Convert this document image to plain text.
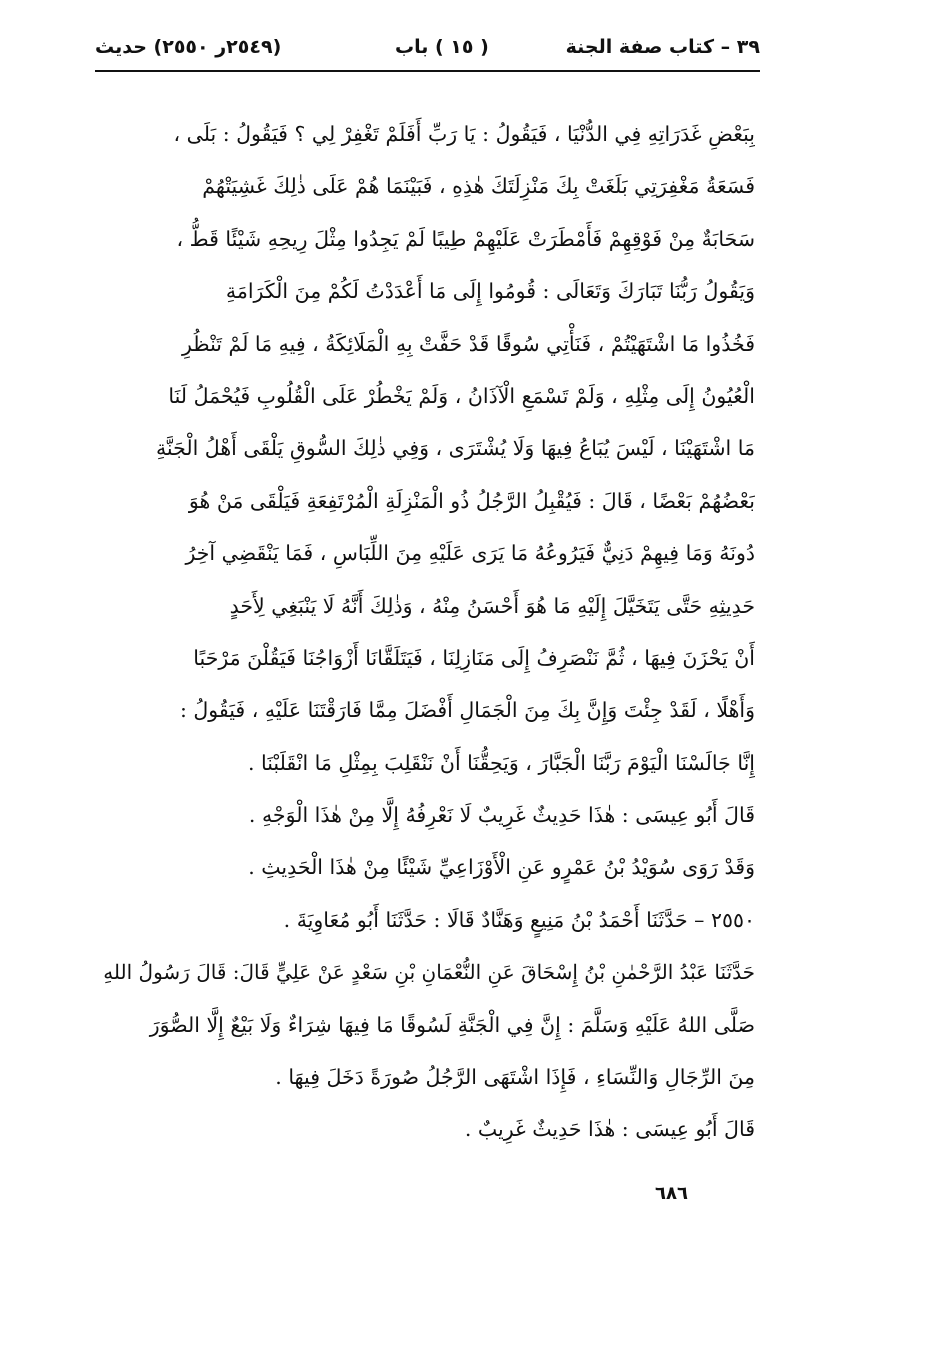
٣٩ – كتاب صفة الجنة
( ١٥ ) باب
(٢٥٤٩ر ٢٥٥٠) حديث
بِبَعْضِ غَدَرَاتِهِ فِي الدُّنْيَا ، فَيَقُولُ : يَا رَبِّ أَفَلَمْ تَغْفِرْ لِي ؟ فَيَقُولُ : بَلَى ،
فَسَعَةُ مَغْفِرَتِي بَلَغَتْ بِكَ مَنْزِلَتَكَ هٰذِهِ ، فَبَيْنَمَا هُمْ عَلَى ذٰلِكَ غَشِيَتْهُمْ
سَحَابَةٌ مِنْ فَوْقِهِمْ فَأَمْطَرَتْ عَلَيْهِمْ طِيبًا لَمْ يَجِدُوا مِثْلَ رِيحِهِ شَيْئًا قَطُّ ،
وَيَقُولُ رَبُّنَا تَبَارَكَ وَتَعَالَى : قُومُوا إِلَى مَا أَعْدَدْتُ لَكُمْ مِنَ الْكَرَامَةِ
فَخُذُوا مَا اشْتَهَيْتُمْ ، فَنَأْتِي سُوقًا قَدْ حَفَّتْ بِهِ الْمَلَائِكَةُ ، فِيهِ مَا لَمْ تَنْظُرِ
الْعُيُونُ إِلَى مِثْلِهِ ، وَلَمْ تَسْمَعِ الْآذَانُ ، وَلَمْ يَخْطُرْ عَلَى الْقُلُوبِ فَيُحْمَلُ لَنَا
مَا اشْتَهَيْنَا ، لَيْسَ يُبَاعُ فِيهَا وَلَا يُشْتَرَى ، وَفِي ذٰلِكَ السُّوقِ يَلْقَى أَهْلُ الْجَنَّةِ
بَعْضُهُمْ بَعْضًا ، قَالَ : فَيُقْبِلُ الرَّجُلُ ذُو الْمَنْزِلَةِ الْمُرْتَفِعَةِ فَيَلْقَى مَنْ هُوَ
دُونَهُ وَمَا فِيهِمْ دَنِيٌّ فَيَرُوعُهُ مَا يَرَى عَلَيْهِ مِنَ اللِّبَاسِ ، فَمَا يَنْقَضِي آخِرُ
حَدِيثِهِ حَتَّى يَتَخَيَّلَ إِلَيْهِ مَا هُوَ أَحْسَنُ مِنْهُ ، وَذٰلِكَ أَنَّهُ لَا يَنْبَغِي لِأَحَدٍ
أَنْ يَحْزَنَ فِيهَا ، ثُمَّ نَنْصَرِفُ إِلَى مَنَازِلِنَا ، فَيَتَلَقَّانَا أَزْوَاجُنَا فَيَقُلْنَ مَرْحَبًا
وَأَهْلًا ، لَقَدْ جِئْتَ وَإِنَّ بِكَ مِنَ الْجَمَالِ أَفْضَلَ مِمَّا فَارَقْتَنَا عَلَيْهِ ، فَيَقُولُ :
إِنَّا جَالَسْنَا الْيَوْمَ رَبَّنَا الْجَبَّارَ ، وَيَحِقُّنَا أَنْ نَنْقَلِبَ بِمِثْلِ مَا انْقَلَبْنَا .
قَالَ أَبُو عِيسَى : هٰذَا حَدِيثٌ غَرِيبٌ لَا نَعْرِفُهُ إِلَّا مِنْ هٰذَا الْوَجْهِ .
وَقَدْ رَوَى سُوَيْدُ بْنُ عَمْرٍو عَنِ الْأَوْزَاعِيِّ شَيْئًا مِنْ هٰذَا الْحَدِيثِ .
٢٥٥٠ – حَدَّثَنَا أَحْمَدُ بْنُ مَنِيعٍ وَهَنَّادٌ قَالَا : حَدَّثَنَا أَبُو مُعَاوِيَةَ .
حَدَّثَنَا عَبْدُ الرَّحْمٰنِ بْنُ إِسْحَاقَ عَنِ النُّعْمَانِ بْنِ سَعْدٍ عَنْ عَلِيٍّ قَالَ: قَالَ رَسُولُ اللهِ
صَلَّى اللهُ عَلَيْهِ وَسَلَّمَ : إِنَّ فِي الْجَنَّةِ لَسُوقًا مَا فِيهَا شِرَاءٌ وَلَا بَيْعٌ إِلَّا الصُّوَرَ
مِنَ الرِّجَالِ وَالنِّسَاءِ ، فَإِذَا اشْتَهَى الرَّجُلُ صُورَةً دَخَلَ فِيهَا .
قَالَ أَبُو عِيسَى : هٰذَا حَدِيثٌ غَرِيبٌ .
٦٨٦
